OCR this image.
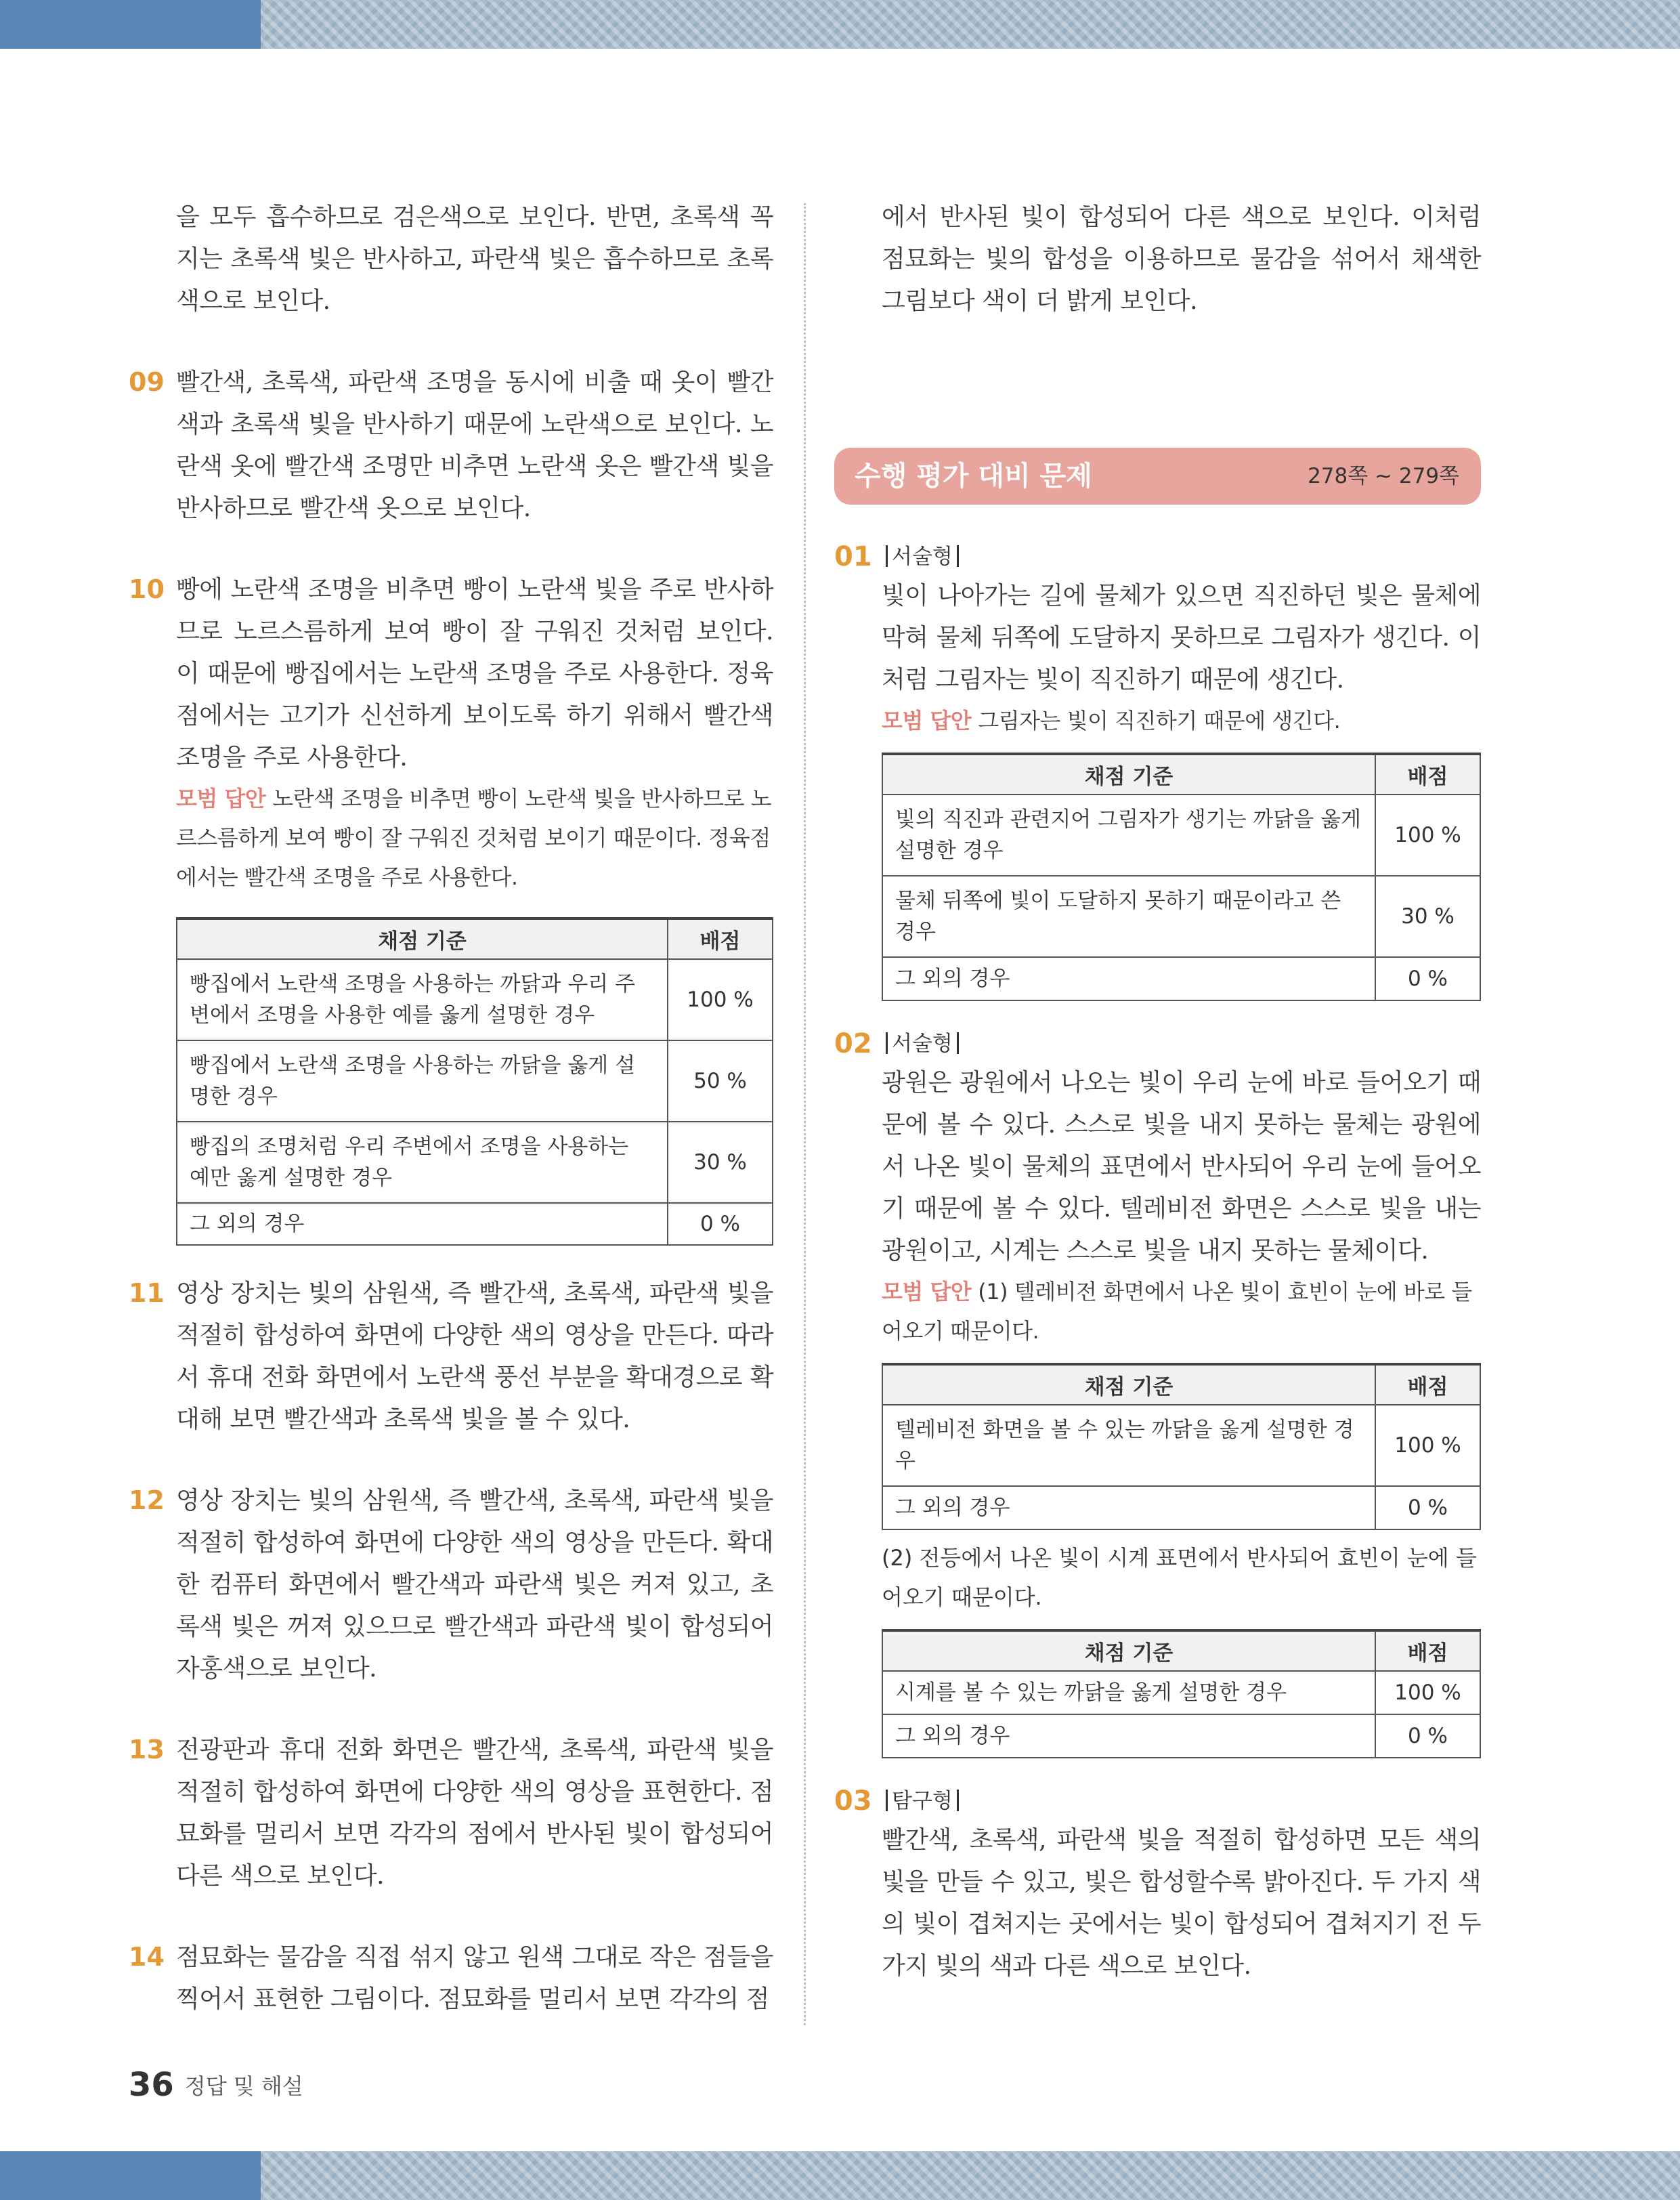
을 모두 흡수하므로 검은색으로 보인다. 반면, 초록색 꼭지는 초록색 빛은 반사하고, 파란색 빛은 흡수하므로 초록색으로 보인다.

09 빨간색, 초록색, 파란색 조명을 동시에 비출 때 옷이 빨간색과 초록색 빛을 반사하기 때문에 노란색으로 보인다. 노란색 옷에 빨간색 조명만 비추면 노란색 옷은 빨간색 빛을 반사하므로 빨간색 옷으로 보인다.

10 빵에 노란색 조명을 비추면 빵이 노란색 빛을 주로 반사하므로 노르스름하게 보여 빵이 잘 구워진 것처럼 보인다. 이 때문에 빵집에서는 노란색 조명을 주로 사용한다. 정육점에서는 고기가 신선하게 보이도록 하기 위해서 빨간색 조명을 주로 사용한다.

모범 답안 노란색 조명을 비추면 빵이 노란색 빛을 반사하므로 노르스름하게 보여 빵이 잘 구워진 것처럼 보이기 때문이다. 정육점에서는 빨간색 조명을 주로 사용한다.

채점 기준	배점
빵집에서 노란색 조명을 사용하는 까닭과 우리 주변에서 조명을 사용한 예를 옳게 설명한 경우	100 %
빵집에서 노란색 조명을 사용하는 까닭을 옳게 설명한 경우	50 %
빵집의 조명처럼 우리 주변에서 조명을 사용하는 예만 옳게 설명한 경우	30 %
그 외의 경우	0 %
11 영상 장치는 빛의 삼원색, 즉 빨간색, 초록색, 파란색 빛을 적절히 합성하여 화면에 다양한 색의 영상을 만든다. 따라서 휴대 전화 화면에서 노란색 풍선 부분을 확대경으로 확대해 보면 빨간색과 초록색 빛을 볼 수 있다.

12 영상 장치는 빛의 삼원색, 즉 빨간색, 초록색, 파란색 빛을 적절히 합성하여 화면에 다양한 색의 영상을 만든다. 확대한 컴퓨터 화면에서 빨간색과 파란색 빛은 켜져 있고, 초록색 빛은 꺼져 있으므로 빨간색과 파란색 빛이 합성되어 자홍색으로 보인다.

13 전광판과 휴대 전화 화면은 빨간색, 초록색, 파란색 빛을 적절히 합성하여 화면에 다양한 색의 영상을 표현한다. 점묘화를 멀리서 보면 각각의 점에서 반사된 빛이 합성되어 다른 색으로 보인다.

14 점묘화는 물감을 직접 섞지 않고 원색 그대로 작은 점들을 찍어서 표현한 그림이다. 점묘화를 멀리서 보면 각각의 점

에서 반사된 빛이 합성되어 다른 색으로 보인다. 이처럼 점묘화는 빛의 합성을 이용하므로 물감을 섞어서 채색한 그림보다 색이 더 밝게 보인다.

수행 평가 대비 문제	278쪽 ~ 279쪽
01 서술형

빛이 나아가는 길에 물체가 있으면 직진하던 빛은 물체에 막혀 물체 뒤쪽에 도달하지 못하므로 그림자가 생긴다. 이처럼 그림자는 빛이 직진하기 때문에 생긴다.

모범 답안 그림자는 빛이 직진하기 때문에 생긴다.

채점 기준	배점
빛의 직진과 관련지어 그림자가 생기는 까닭을 옳게 설명한 경우	100 %
물체 뒤쪽에 빛이 도달하지 못하기 때문이라고 쓴 경우	30 %
그 외의 경우	0 %
02 서술형

광원은 광원에서 나오는 빛이 우리 눈에 바로 들어오기 때문에 볼 수 있다. 스스로 빛을 내지 못하는 물체는 광원에서 나온 빛이 물체의 표면에서 반사되어 우리 눈에 들어오기 때문에 볼 수 있다. 텔레비전 화면은 스스로 빛을 내는 광원이고, 시계는 스스로 빛을 내지 못하는 물체이다.

모범 답안 (1) 텔레비전 화면에서 나온 빛이 효빈이 눈에 바로 들어오기 때문이다.

채점 기준	배점
텔레비전 화면을 볼 수 있는 까닭을 옳게 설명한 경우	100 %
그 외의 경우	0 %

(2) 전등에서 나온 빛이 시계 표면에서 반사되어 효빈이 눈에 들어오기 때문이다.

채점 기준	배점
시계를 볼 수 있는 까닭을 옳게 설명한 경우	100 %
그 외의 경우	0 %
03 탐구형

빨간색, 초록색, 파란색 빛을 적절히 합성하면 모든 색의 빛을 만들 수 있고, 빛은 합성할수록 밝아진다. 두 가지 색의 빛이 겹쳐지는 곳에서는 빛이 합성되어 겹쳐지기 전 두 가지 빛의 색과 다른 색으로 보인다.

36 정답 및 해설
